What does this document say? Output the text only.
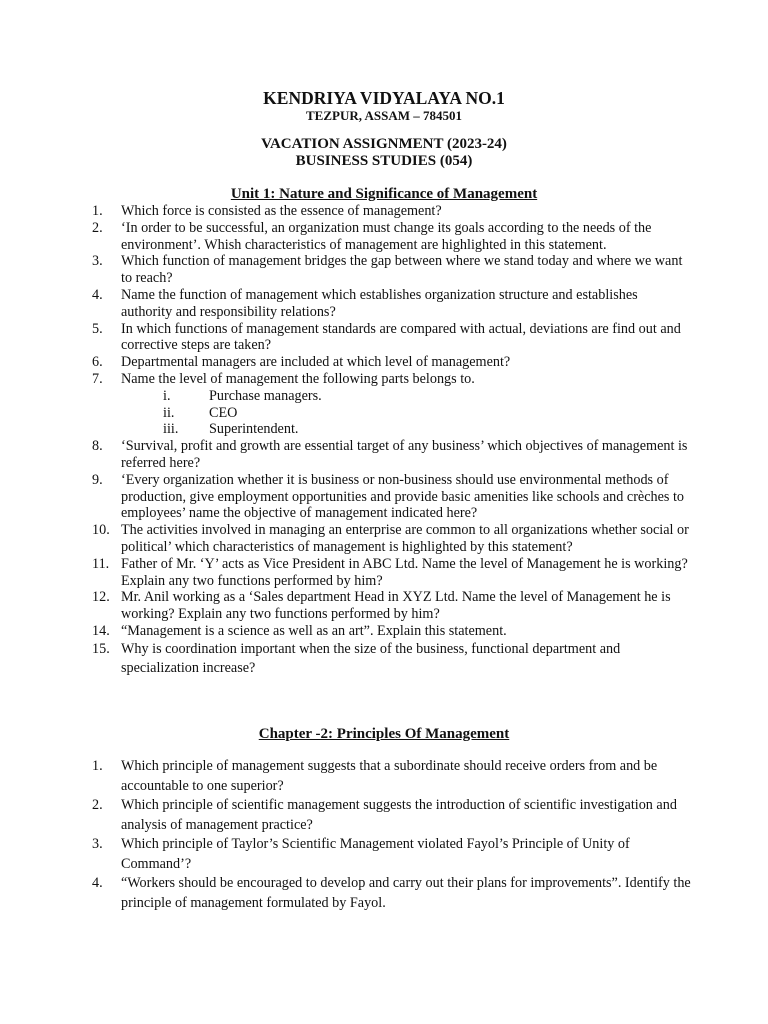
KENDRIYA VIDYALAYA NO.1
TEZPUR, ASSAM – 784501
VACATION ASSIGNMENT (2023-24)
BUSINESS STUDIES (054)
Unit 1: Nature and Significance of Management
1. Which force is consisted as the essence of management?
2. ‘In order to be successful, an organization must change its goals according to the needs of the environment’. Whish characteristics of management are highlighted in this statement.
3. Which function of management bridges the gap between where we stand today and where we want to reach?
4. Name the function of management which establishes organization structure and establishes authority and responsibility relations?
5. In which functions of management standards are compared with actual, deviations are find out and corrective steps are taken?
6. Departmental managers are included at which level of management?
7. Name the level of management the following parts belongs to.
i.	Purchase managers.
ii. CEO
iii. Superintendent.
8. ‘Survival, profit and growth are essential target of any business’ which objectives of management is referred here?
9. ‘Every organization whether it is business or non-business should use environmental methods of production, give employment opportunities and provide basic amenities like schools and crèches to employees’ name the objective of management indicated here?
10. The activities involved in managing an enterprise are common to all organizations whether social or political’ which characteristics of management is highlighted by this statement?
11. Father of Mr. ‘Y’ acts as Vice President in ABC Ltd. Name the level of Management he is working? Explain any two functions performed by him?
12. Mr. Anil working as a ‘Sales department Head in XYZ Ltd. Name the level of Management he is working? Explain any two functions performed by him?
14. “Management is a science as well as an art”. Explain this statement.
15. Why is coordination important when the size of the business, functional department and specialization increase?
Chapter -2: Principles Of Management
1. Which principle of management suggests that a subordinate should receive orders from and be accountable to one superior?
2. Which principle of scientific management suggests the introduction of scientific investigation and analysis of management practice?
3. Which principle of Taylor’s Scientific Management violated Fayol’s Principle of Unity of Command’?
4. “Workers should be encouraged to develop and carry out their plans for improvements”. Identify the principle of management formulated by Fayol.
